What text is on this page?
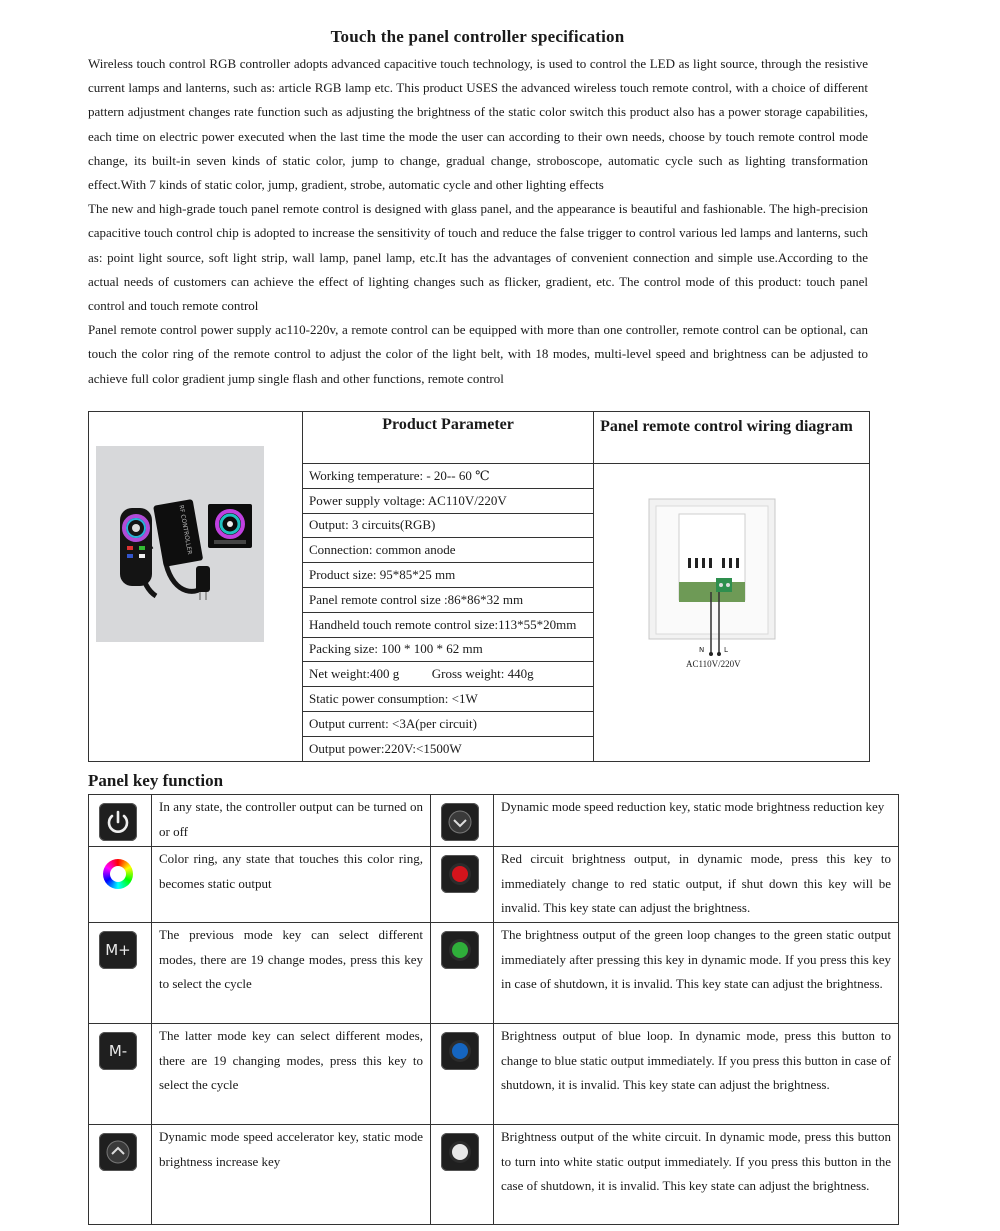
Touch the panel controller specification

Wireless touch control RGB controller adopts advanced capacitive touch technology, is used to control the LED as light source, through the resistive current lamps and lanterns, such as: article RGB lamp etc. This product USES the advanced wireless touch remote control, with a choice of different pattern adjustment changes rate function such as adjusting the brightness of the static color switch this product also has a power storage capabilities, each time on electric power executed when the last time the mode the user can according to their own needs, choose by touch remote control mode change, its built-in seven kinds of static color, jump to change, gradual change, stroboscope, automatic cycle such as lighting transformation effect.With 7 kinds of static color, jump, gradient, strobe, automatic cycle and other lighting effects

The new and high-grade touch panel remote control is designed with glass panel, and the appearance is beautiful and fashionable. The high-precision capacitive touch control chip is adopted to increase the sensitivity of touch and reduce the false trigger to control various led lamps and lanterns, such as: point light source, soft light strip, wall lamp, panel lamp, etc.It has the advantages of convenient connection and simple use.According to the actual needs of customers can achieve the effect of lighting changes such as flicker, gradient, etc. The control mode of this product: touch panel control and touch remote control

Panel remote control power supply ac110-220v, a remote control can be equipped with more than one controller, remote control can be optional, can touch the color ring of the remote control to adjust the color of the light belt, with 18 modes, multi-level speed and brightness can be adjusted to achieve full color gradient jump single flash and other functions, remote control

RF CONTROLLER	Product Parameter	Panel remote control wiring diagram
	Working temperature: - 20-- 60 ℃	N L
AC110V/220V

	Power supply voltage: AC110V/220V	
	Output: 3 circuits(RGB)	
	Connection: common anode	
	Product size: 95*85*25 mm	
	Panel remote control size :86*86*32 mm	
	Handheld touch remote control size:113*55*20mm	
	Packing size: 100 * 100 * 62 mm	
	Net weight:400 g          Gross weight: 440g	
	Static power consumption: <1W	
	Output current: <3A(per circuit)	
	Output power:220V:<1500W	
Panel key function
	In any state, the controller output can be turned on or off		Dynamic mode speed reduction key, static mode brightness reduction key

	Color ring, any state that touches this color ring, becomes static output		Red circuit brightness output, in dynamic mode, press this key to immediately change to red static output, if shut down this key will be invalid. This key state can adjust the brightness.

M+	The previous mode key can select different modes, there are 19 change modes, press this key to select the cycle		The brightness output of the green loop changes to the green static output immediately after pressing this key in dynamic mode. If you press this key in case of shutdown, it is invalid. This key state can adjust the brightness.

M-	The latter mode key can select different modes, there are 19 changing modes, press this key to select the cycle		Brightness output of blue loop. In dynamic mode, press this button to change to blue static output immediately. If you press this button in case of shutdown, it is invalid. This key state can adjust the brightness.

	Dynamic mode speed accelerator key, static mode brightness increase key		Brightness output of the white circuit. In dynamic mode, press this button to turn into white static output immediately. If you press this button in the case of shutdown, it is invalid. This key state can adjust the brightness.
